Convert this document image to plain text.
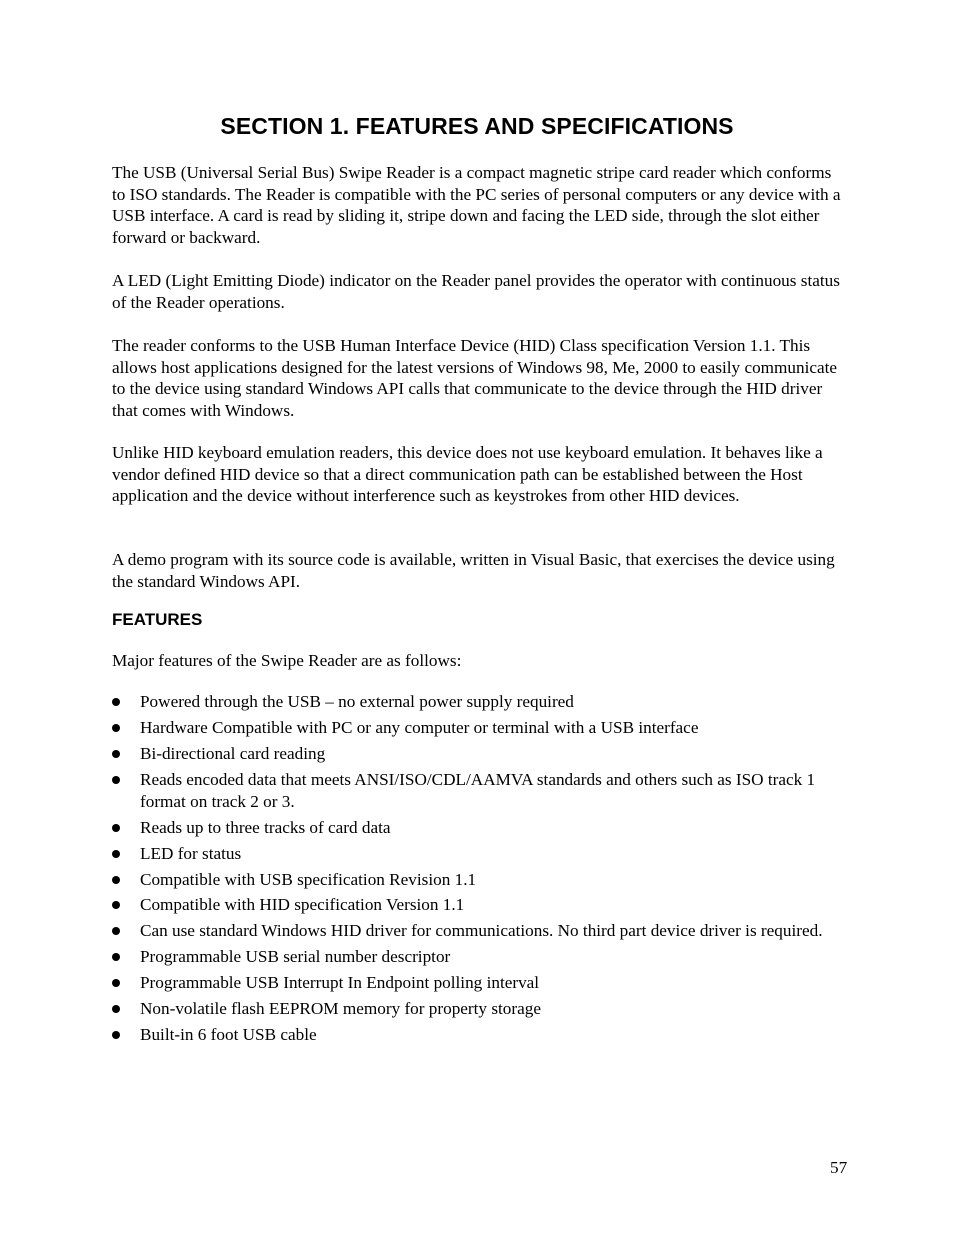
SECTION 1. FEATURES AND SPECIFICATIONS

The USB (Universal Serial Bus) Swipe Reader is a compact magnetic stripe card reader which conforms to ISO standards. The Reader is compatible with the PC series of personal computers or any device with a USB interface. A card is read by sliding it, stripe down and facing the LED side, through the slot either forward or backward.

A LED (Light Emitting Diode) indicator on the Reader panel provides the operator with continuous status of the Reader operations.

The reader conforms to the USB Human Interface Device (HID) Class specification Version 1.1. This allows host applications designed for the latest versions of Windows 98, Me, 2000 to easily communicate to the device using standard Windows API calls that communicate to the device through the HID driver that comes with Windows.

Unlike HID keyboard emulation readers, this device does not use keyboard emulation. It behaves like a vendor defined HID device so that a direct communication path can be established between the Host application and the device without interference such as keystrokes from other HID devices.

A demo program with its source code is available, written in Visual Basic, that exercises the device using the standard Windows API.

FEATURES

Major features of the Swipe Reader are as follows:

Powered through the USB – no external power supply required
Hardware Compatible with PC or any computer or terminal with a USB interface
Bi-directional card reading
Reads encoded data that meets ANSI/ISO/CDL/AAMVA standards and others such as ISO track 1 format on track 2 or 3.
Reads up to three tracks of card data
LED for status
Compatible with USB specification Revision 1.1
Compatible with HID specification Version 1.1
Can use standard Windows HID driver for communications. No third part device driver is required.
Programmable USB serial number descriptor
Programmable USB Interrupt In Endpoint polling interval
Non-volatile flash EEPROM memory for property storage
Built-in 6 foot USB cable
57
